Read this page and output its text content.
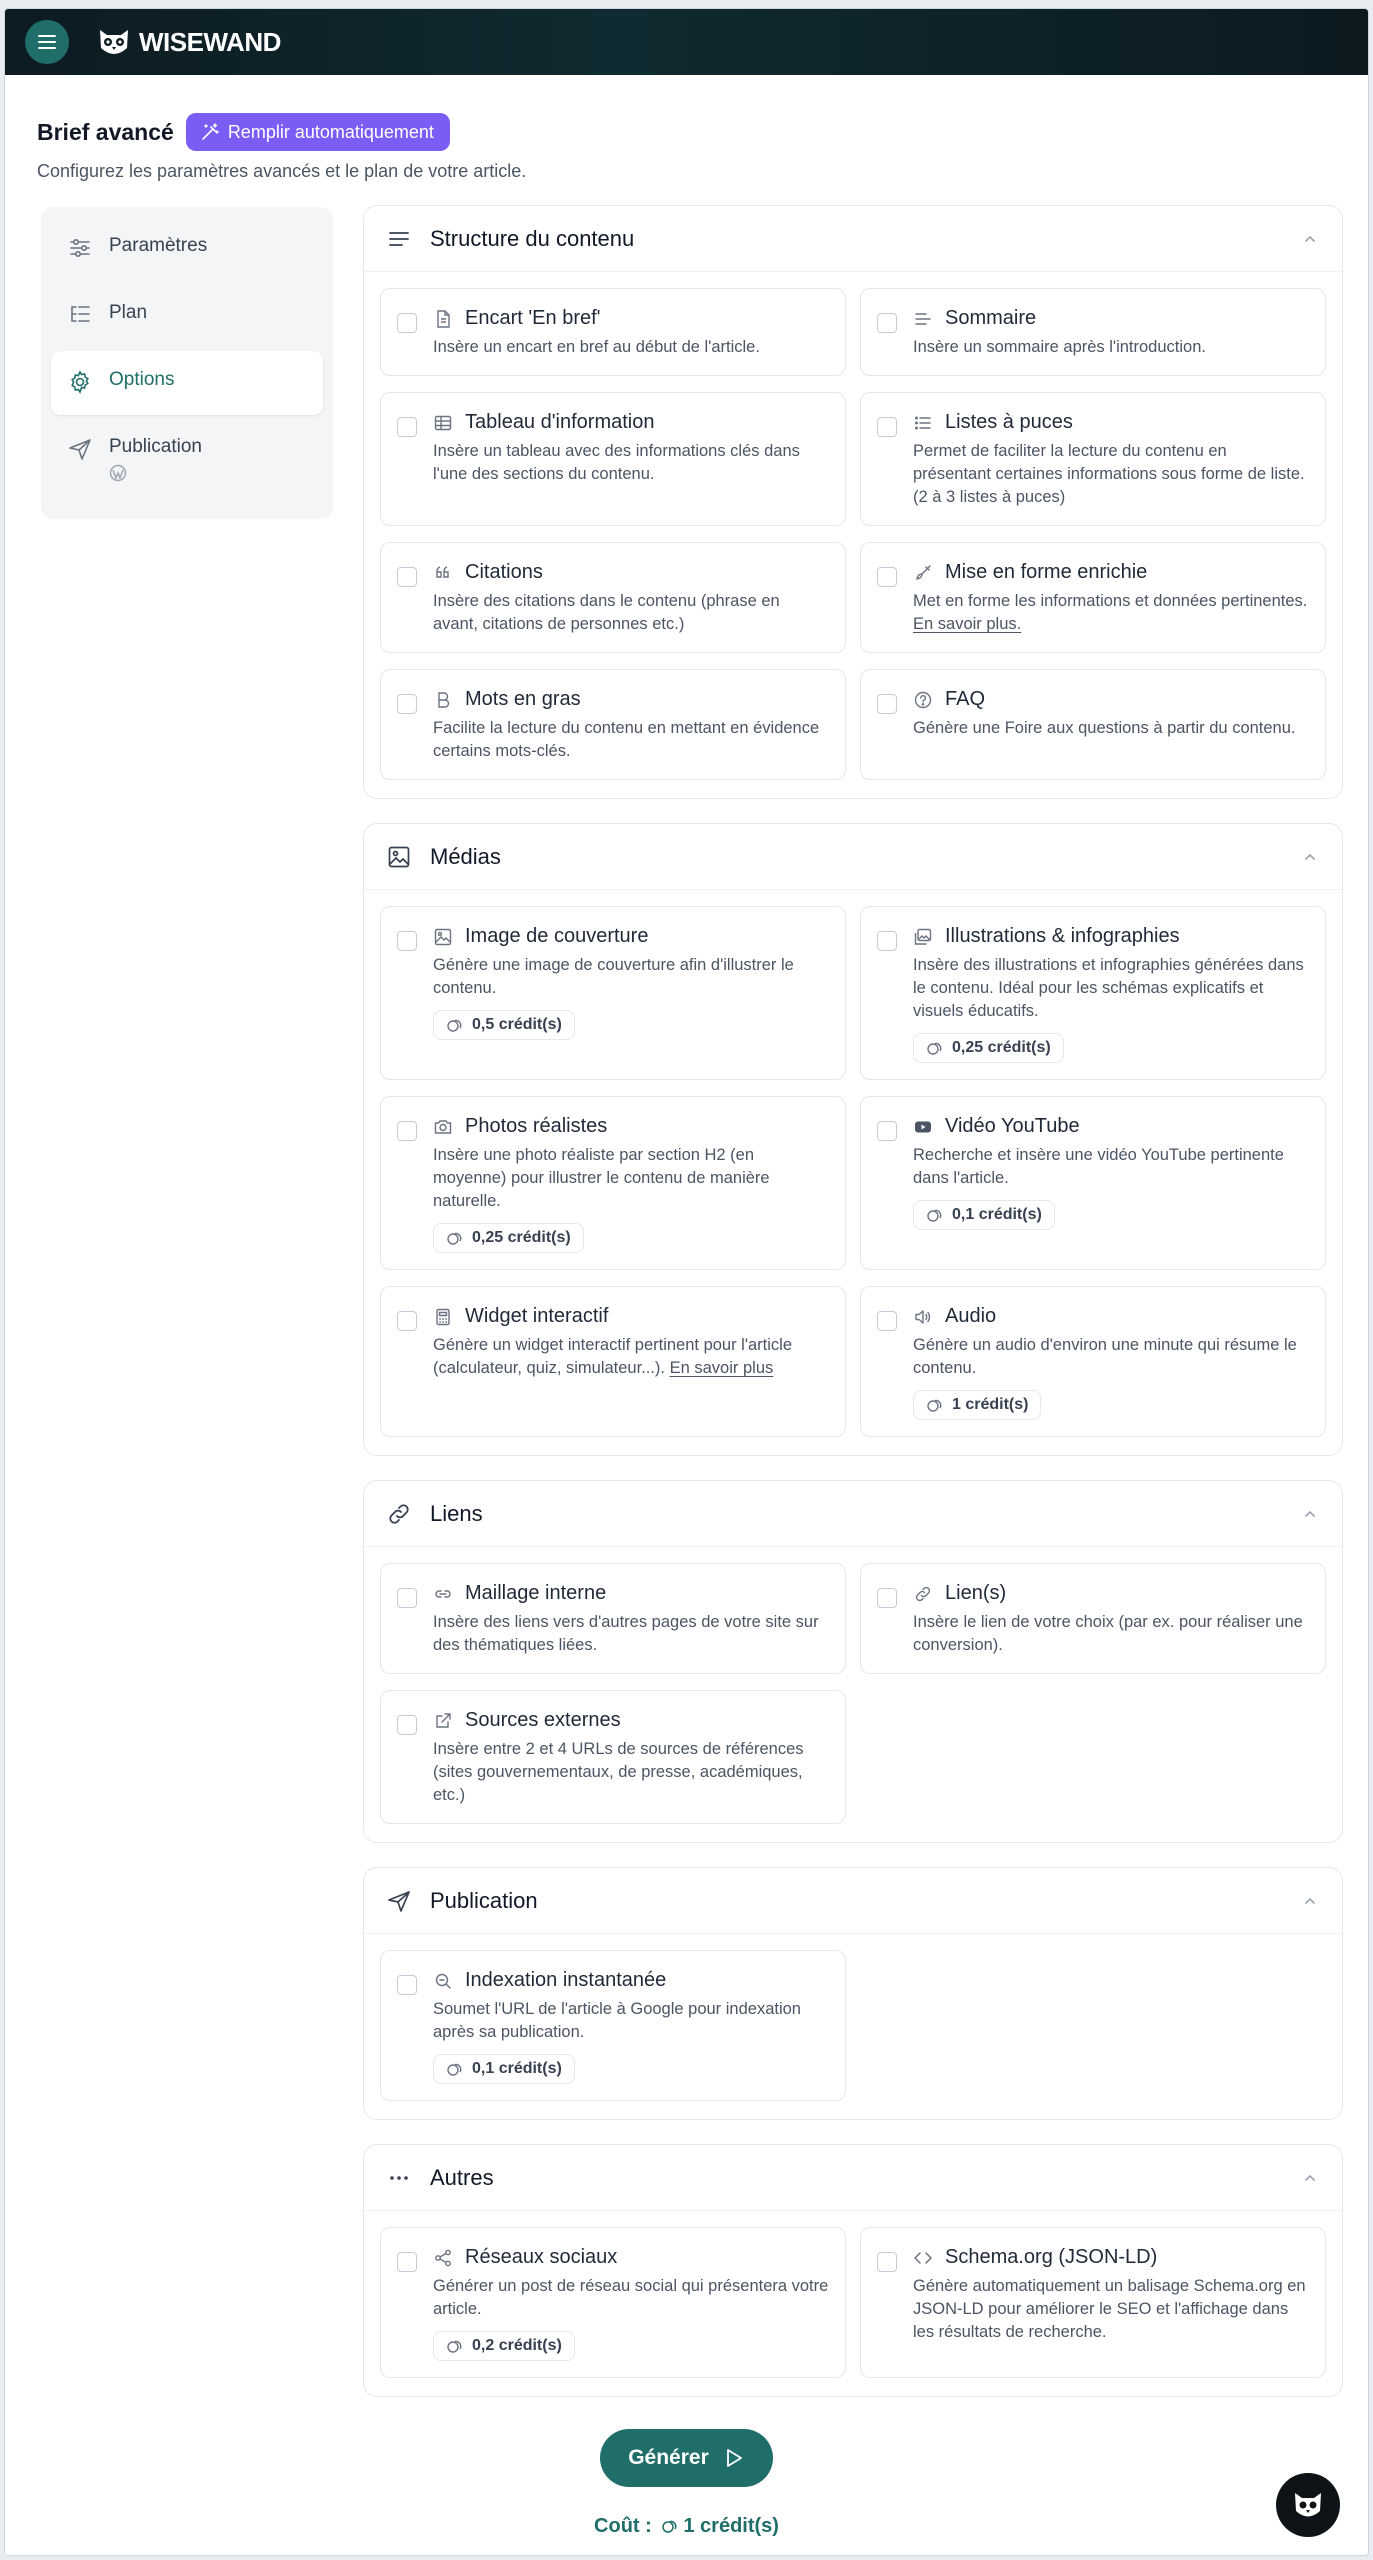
WISEWAND
Brief avancé	Remplir automatiquement

Configurez les paramètres avancés et le plan de votre article.

Paramètres
Plan
Options
Publication
Structure du contenu
Encart 'En bref'

Insère un encart en bref au début de l'article.

Sommaire

Insère un sommaire après l'introduction.

Tableau d'information

Insère un tableau avec des informations clés dans l'une des sections du contenu.

Listes à puces

Permet de faciliter la lecture du contenu en présentant certaines informations sous forme de liste. (2 à 3 listes à puces)

Citations

Insère des citations dans le contenu (phrase en avant, citations de personnes etc.)

Mise en forme enrichie

Met en forme les informations et données pertinentes. En savoir plus.

Mots en gras

Facilite la lecture du contenu en mettant en évidence certains mots-clés.

FAQ

Génère une Foire aux questions à partir du contenu.

Médias
Image de couverture

Génère une image de couverture afin d'illustrer le contenu.

0,5 crédit(s)
Illustrations & infographies

Insère des illustrations et infographies générées dans le contenu. Idéal pour les schémas explicatifs et visuels éducatifs.

0,25 crédit(s)
Photos réalistes

Insère une photo réaliste par section H2 (en moyenne) pour illustrer le contenu de manière naturelle.

0,25 crédit(s)
Vidéo YouTube

Recherche et insère une vidéo YouTube pertinente dans l'article.

0,1 crédit(s)
Widget interactif

Génère un widget interactif pertinent pour l'article (calculateur, quiz, simulateur...). En savoir plus

Audio

Génère un audio d'environ une minute qui résume le contenu.

1 crédit(s)
Liens
Maillage interne

Insère des liens vers d'autres pages de votre site sur des thématiques liées.

Lien(s)

Insère le lien de votre choix (par ex. pour réaliser une conversion).

Sources externes

Insère entre 2 et 4 URLs de sources de références (sites gouvernementaux, de presse, académiques, etc.)

Publication
Indexation instantanée

Soumet l'URL de l'article à Google pour indexation après sa publication.

0,1 crédit(s)
Autres
Réseaux sociaux

Générer un post de réseau social qui présentera votre article.

0,2 crédit(s)
Schema.org (JSON-LD)

Génère automatiquement un balisage Schema.org en JSON-LD pour améliorer le SEO et l'affichage dans les résultats de recherche.

Générer
Coût : 1 crédit(s)
